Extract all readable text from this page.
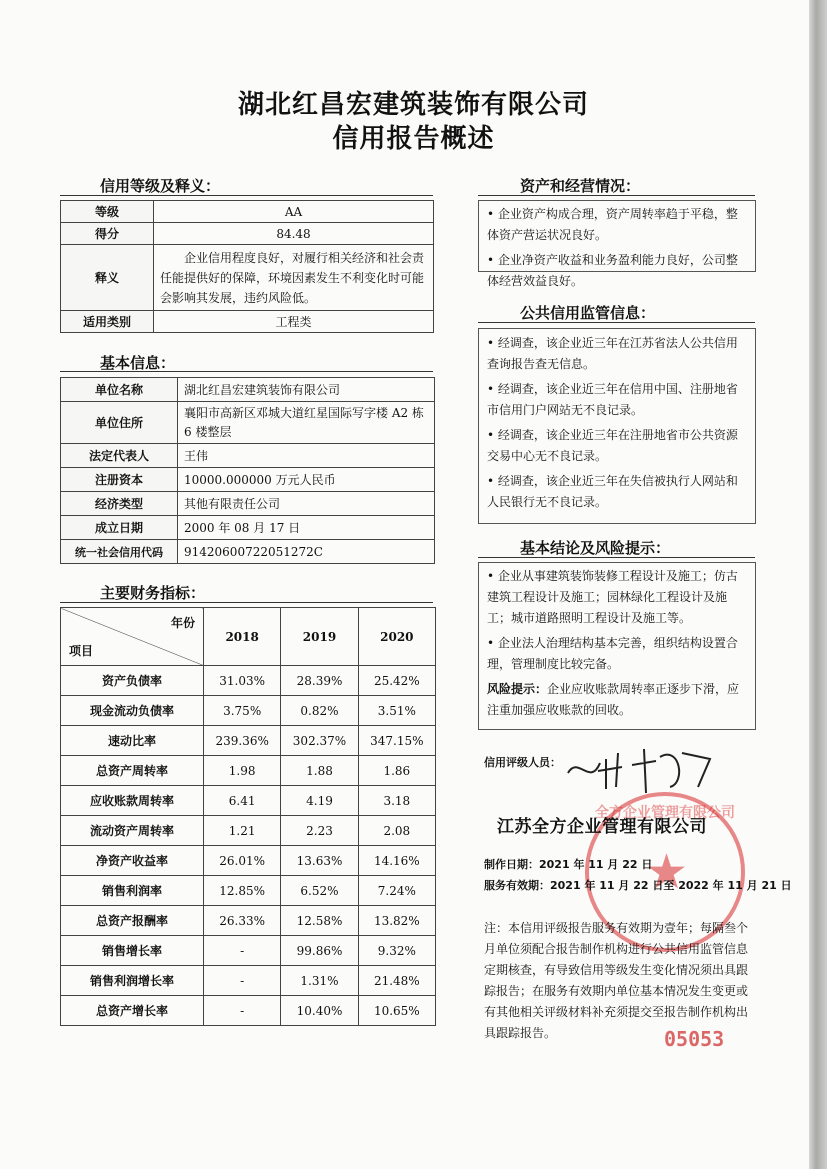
湖北红昌宏建筑装饰有限公司
信用报告概述
信用等级及释义：
等级	AA
得分	84.48
释义	企业信用程度良好，对履行相关经济和社会责任能提供好的保障，环境因素发生不利变化时可能会影响其发展，违约风险低。
适用类别	工程类
基本信息：
单位名称	湖北红昌宏建筑装饰有限公司
单位住所	襄阳市高新区邓城大道红星国际写字楼 A2 栋 6 楼整层
法定代表人	王伟
注册资本	10000.000000 万元人民币
经济类型	其他有限责任公司
成立日期	2000 年 08 月 17 日
统一社会信用代码	91420600722051272C
主要财务指标：
年份
项目	2018	2019	2020
资产负债率	31.03%	28.39%	25.42%
现金流动负债率	3.75%	0.82%	3.51%
速动比率	239.36%	302.37%	347.15%
总资产周转率	1.98	1.88	1.86
应收账款周转率	6.41	4.19	3.18
流动资产周转率	1.21	2.23	2.08
净资产收益率	26.01%	13.63%	14.16%
销售利润率	12.85%	6.52%	7.24%
总资产报酬率	26.33%	12.58%	13.82%
销售增长率	-	99.86%	9.32%
销售利润增长率	-	1.31%	21.48%
总资产增长率	-	10.40%	10.65%
资产和经营情况：

• 企业资产构成合理，资产周转率趋于平稳，整体资产营运状况良好。

• 企业净资产收益和业务盈利能力良好，公司整体经营效益良好。

公共信用监管信息：

• 经调查，该企业近三年在江苏省法人公共信用查询报告查无信息。

• 经调查，该企业近三年在信用中国、注册地省市信用门户网站无不良记录。

• 经调查，该企业近三年在注册地省市公共资源交易中心无不良记录。

• 经调查，该企业近三年在失信被执行人网站和人民银行无不良记录。

基本结论及风险提示：

• 企业从事建筑装饰装修工程设计及施工；仿古建筑工程设计及施工；园林绿化工程设计及施工；城市道路照明工程设计及施工等。

• 企业法人治理结构基本完善，组织结构设置合理，管理制度比较完备。

风险提示：企业应收账款周转率正逐步下滑，应注重加强应收账款的回收。

信用评级人员：
全方企业管理有限公司
★
江苏全方企业管理有限公司
制作日期：2021 年 11 月 22 日
服务有效期：2021 年 11 月 22 日至 2022 年 11 月 21 日
注：本信用评级报告服务有效期为壹年；每隔叁个月单位须配合报告制作机构进行公共信用监管信息定期核查，有导致信用等级发生变化情况须出具跟踪报告；在服务有效期内单位基本情况发生变更或有其他相关评级材料补充须提交至报告制作机构出具跟踪报告。	05053
